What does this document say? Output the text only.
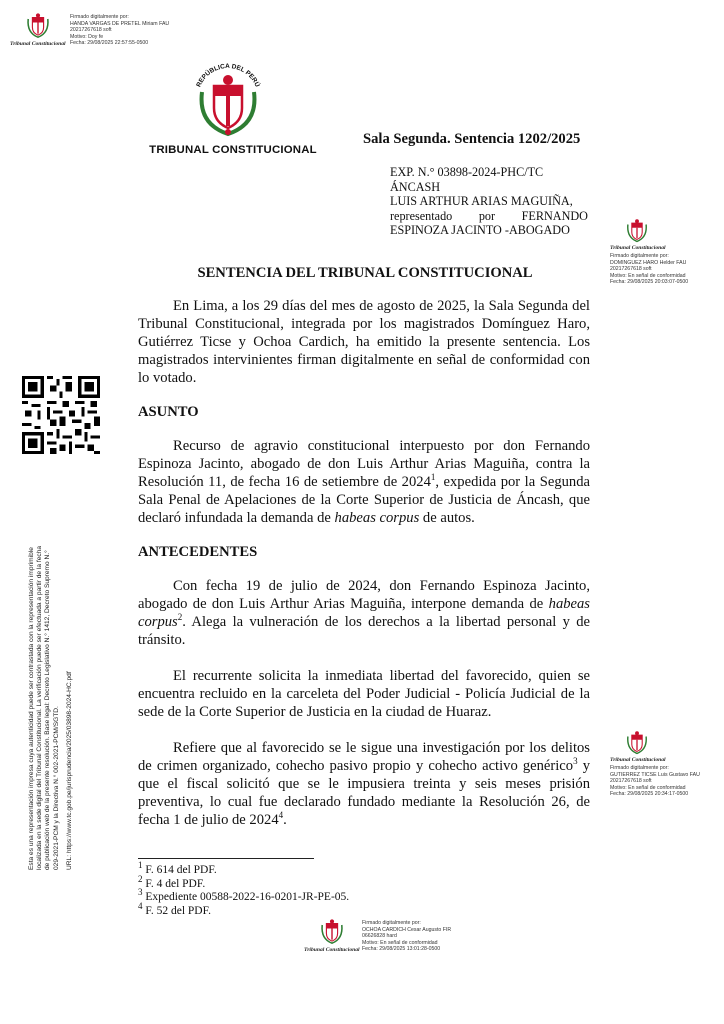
Tribunal Constitucional
Firmado digitalmente por:
HANDA VARGAS DE PRETEL Miriam FAU
20217267618 soft
Motivo: Doy fe
Fecha: 29/08/2025 22:57:55-0500
REPÚBLICA DEL PERÚ
TRIBUNAL CONSTITUCIONAL
Sala Segunda. Sentencia 1202/2025
EXP. N.° 03898-2024-PHC/TC
ÁNCASH
LUIS ARTHUR ARIAS MAGUIÑA,
representado por FERNANDO
ESPINOZA JACINTO -ABOGADO
Tribunal Constitucional
Firmado digitalmente por:
DOMINGUEZ HARO Helder FAU
20217267618 soft
Motivo: En señal de conformidad
Fecha: 29/08/2025 20:03:07-0500
SENTENCIA DEL TRIBUNAL CONSTITUCIONAL

En Lima, a los 29 días del mes de agosto de 2025, la Sala Segunda del Tribunal Constitucional, integrada por los magistrados Domínguez Haro, Gutiérrez Ticse y Ochoa Cardich, ha emitido la presente sentencia. Los magistrados intervinientes firman digitalmente en señal de conformidad con lo votado.

ASUNTO

Recurso de agravio constitucional interpuesto por don Fernando Espinoza Jacinto, abogado de don Luis Arthur Arias Maguiña, contra la Resolución 11, de fecha 16 de setiembre de 2024$^1$, expedida por la Segunda Sala Penal de Apelaciones de la Corte Superior de Justicia de Áncash, que declaró infundada la demanda de habeas corpus de autos.

ANTECEDENTES

Con fecha 19 de julio de 2024, don Fernando Espinoza Jacinto, abogado de don Luis Arthur Arias Maguiña, interpone demanda de habeas corpus$^2$. Alega la vulneración de los derechos a la libertad personal y de tránsito.

El recurrente solicita la inmediata libertad del favorecido, quien se encuentra recluido en la carceleta del Poder Judicial - Policía Judicial de la sede de la Corte Superior de Justicia en la ciudad de Huaraz.

Refiere que al favorecido se le sigue una investigación por los delitos de crimen organizado, cohecho pasivo propio y cohecho activo genérico$^3$ y que el fiscal solicitó que se le impusiera treinta y seis meses prisión preventiva, lo cual fue declarado fundado mediante la Resolución 26, de fecha 1 de julio de 2024$^4$.

Tribunal Constitucional
Firmado digitalmente por:
GUTIERREZ TICSE Luis Gustavo FAU
20217267618 soft
Motivo: En señal de conformidad
Fecha: 29/08/2025 20:34:17-0500
Esta es una representación impresa cuya autenticidad puede ser contrastada con la representación imprimible localizada en la sede digital del Tribunal Constitucional. La verificación puede ser efectuada a partir de la fecha de publicación web de la presente resolución. Base legal: Decreto Legislativo N.° 1412, Decreto Supremo N.° 029-2021-PCM y la Directiva N.° 002-2021-PCM/SGTD. URL: https://www.tc.gob.pe/jurisprudencia/2025/03898-2024-HC.pdf	$^1$ F. 614 del PDF.
$^2$ F. 4 del PDF.
$^3$ Expediente 00588-2022-16-0201-JR-PE-05.
$^4$ F. 52 del PDF.
Tribunal Constitucional
Firmado digitalmente por:
OCHOA CARDICH Cesar Augusto FIR
06626828 hard
Motivo: En señal de conformidad
Fecha: 29/08/2025 13:01:28-0500
